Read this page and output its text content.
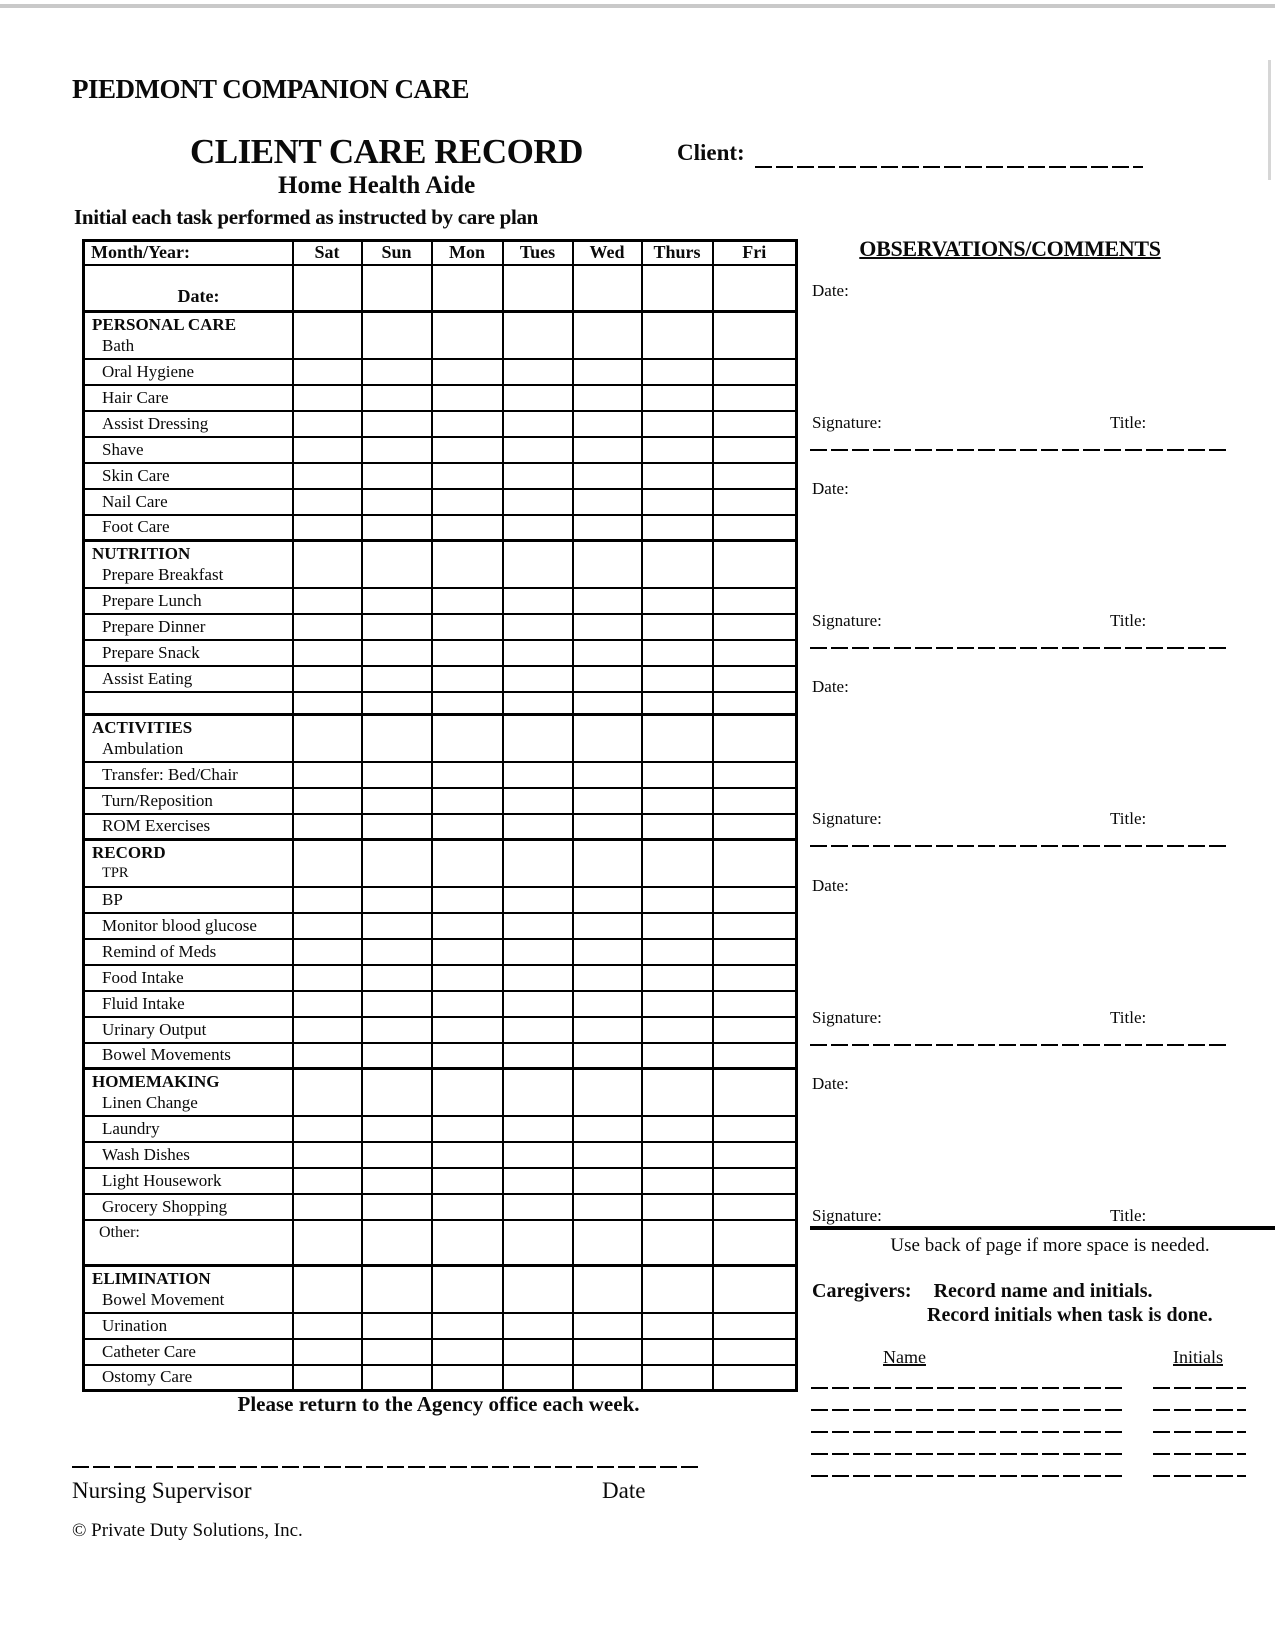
PIEDMONT COMPANION CARE
CLIENT CARE RECORD	Client:
Home Health Aide
Initial each task performed as instructed by care plan
Month/Year:	Sat	Sun	Mon	Tues	Wed	Thurs	Fri
Date:							

PERSONAL CARE
Bath							

Oral Hygiene							
Hair Care							
Assist Dressing							
Shave							
Skin Care							
Nail Care							
Foot Care							

NUTRITION
Prepare Breakfast							

Prepare Lunch							
Prepare Dinner							
Prepare Snack							
Assist Eating							

ACTIVITIES
Ambulation							

Transfer: Bed/Chair							
Turn/Reposition							
ROM Exercises							

RECORD
TPR							

BP							
Monitor blood glucose							
Remind of Meds							
Food Intake							
Fluid Intake							
Urinary Output							
Bowel Movements							

HOMEMAKING
Linen Change							

Laundry							
Wash Dishes							
Light Housework							
Grocery Shopping							
Other:							

ELIMINATION
Bowel Movement							

Urination							
Catheter Care							
Ostomy Care							
OBSERVATIONS/COMMENTS
Date:
Signature:	Title:
Date:
Signature:	Title:
Date:
Signature:	Title:
Date:
Signature:	Title:
Date:
Signature:	Title:
Use back of page if more space is needed.
Caregivers: Record name and initials.
Record initials when task is done.
Name	Initials
Please return to the Agency office each week.
Nursing Supervisor	Date
© Private Duty Solutions, Inc.
